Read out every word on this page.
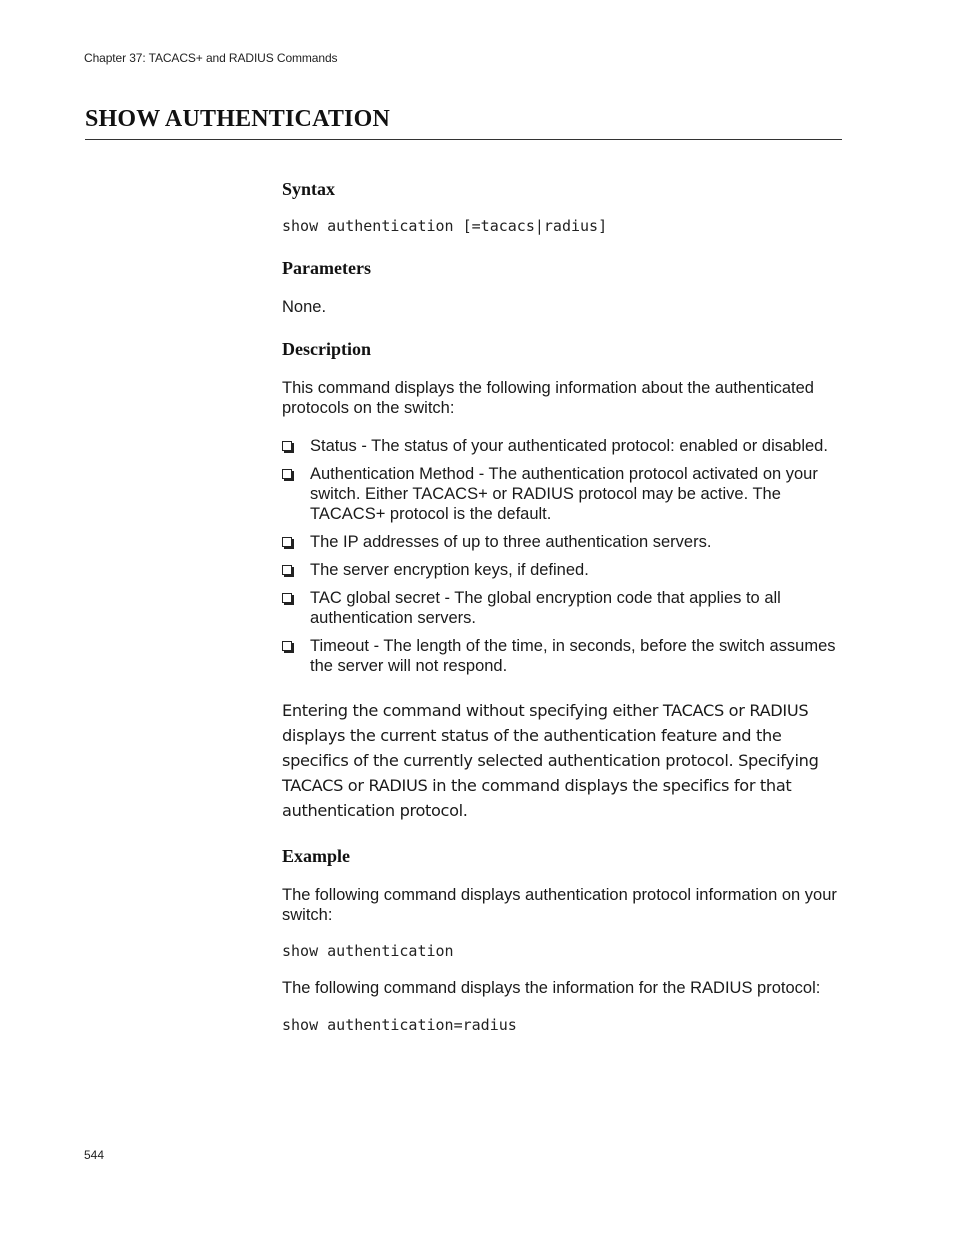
Chapter 37: TACACS+ and RADIUS Commands
SHOW AUTHENTICATION
Syntax
show authentication [=tacacs|radius]
Parameters

None.

Description

This command displays the following information about the authenticated protocols on the switch:

Status - The status of your authenticated protocol: enabled or disabled.
Authentication Method - The authentication protocol activated on your switch. Either TACACS+ or RADIUS protocol may be active. The TACACS+ protocol is the default.
The IP addresses of up to three authentication servers.
The server encryption keys, if defined.
TAC global secret - The global encryption code that applies to all authentication servers.
Timeout - The length of the time, in seconds, before the switch assumes the server will not respond.

Entering the command without specifying either TACACS or RADIUS displays the current status of the authentication feature and the specifics of the currently selected authentication protocol. Specifying TACACS or RADIUS in the command displays the specifics for that authentication protocol.

Example

The following command displays authentication protocol information on your switch:

show authentication

The following command displays the information for the RADIUS protocol:

show authentication=radius
544
